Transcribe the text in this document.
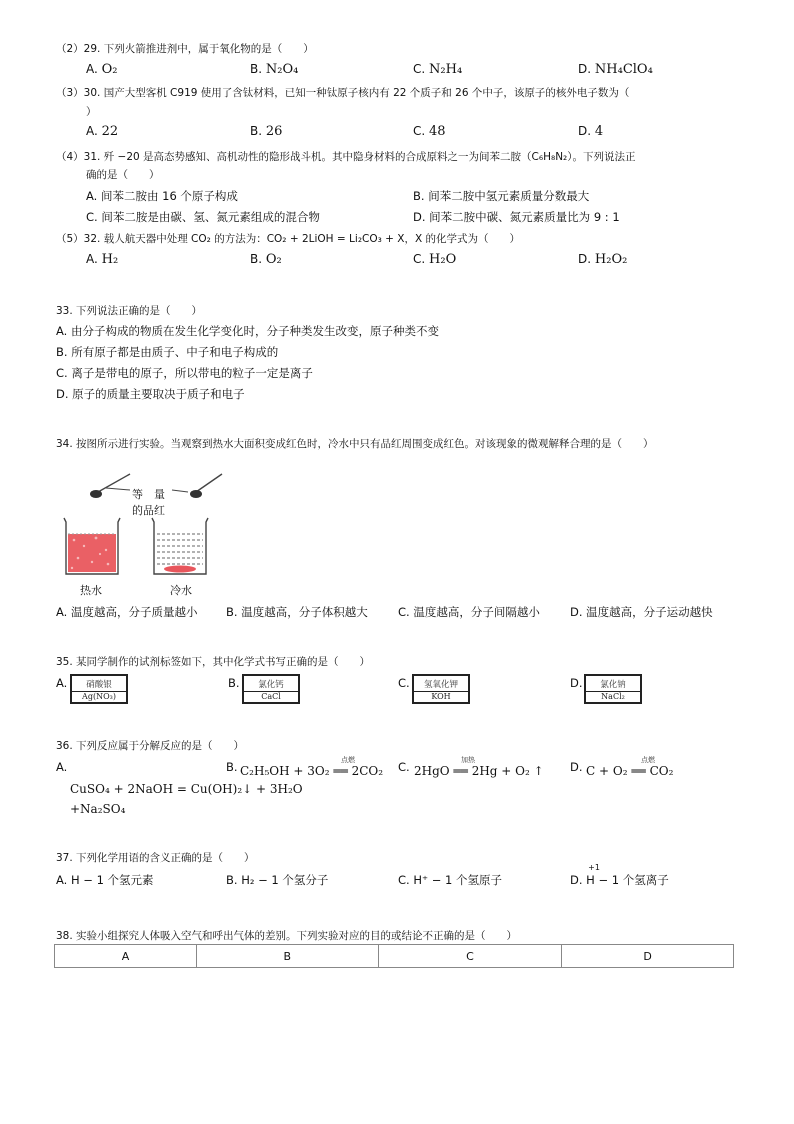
（2）29. 下列火箭推进剂中，属于氧化物的是（　　）
A. O₂	B. N₂O₄	C. N₂H₄	D. NH₄ClO₄
（3）30. 国产大型客机 C919 使用了含钛材料，已知一种钛原子核内有 22 个质子和 26 个中子，该原子的核外电子数为（
）
A. 22	B. 26	C. 48	D. 4
（4）31. 歼 −20 是高态势感知、高机动性的隐形战斗机。其中隐身材料的合成原料之一为间苯二胺（C₆H₈N₂）。下列说法正
确的是（　　）
A. 间苯二胺由 16 个原子构成	B. 间苯二胺中氢元素质量分数最大
C. 间苯二胺是由碳、氢、氮元素组成的混合物	D. 间苯二胺中碳、氮元素质量比为 9 : 1
（5）32. 载人航天器中处理 CO₂ 的方法为：CO₂ + 2LiOH = Li₂CO₃ + X，X 的化学式为（　　）
A. H₂	B. O₂	C. H₂O	D. H₂O₂
33. 下列说法正确的是（　　）
A. 由分子构成的物质在发生化学变化时，分子种类发生改变，原子种类不变
B. 所有原子都是由质子、中子和电子构成的
C. 离子是带电的原子，所以带电的粒子一定是离子
D. 原子的质量主要取决于质子和电子
34. 按图所示进行实验。当观察到热水大面积变成红色时，冷水中只有品红周围变成红色。对该现象的微观解释合理的是（　　）
等　量
的品红
热水	冷水
A. 温度越高，分子质量越小 B. 温度越高，分子体积越大	C. 温度越高，分子间隔越小	D. 温度越高，分子运动越快
35. 某同学制作的试剂标签如下，其中化学式书写正确的是（　　）
A.	硝酸银
Ag(NO₃)
B.	氯化钙
CaCl
C.	氢氧化钾
KOH
D.	氯化钠
NaCl₂
36. 下列反应属于分解反应的是（　　）
A.
CuSO₄ + 2NaOH = Cu(OH)₂↓ + 3H₂O
+Na₂SO₄
B. C₂H₅OH + 3O₂ ══ 2CO₂
点燃	C. 2HgO ══ 2Hg + O₂ ↑
加热	D. C + O₂ ══ CO₂
点燃
37. 下列化学用语的含义正确的是（　　）
A. H − 1 个氢元素	B. H₂ − 1 个氢分子	C. H⁺ − 1 个氢原子	D.
+1
H − 1 个氢离子
38. 实验小组探究人体吸入空气和呼出气体的差别。下列实验对应的目的或结论不正确的是（　　）
A	B	C	D
